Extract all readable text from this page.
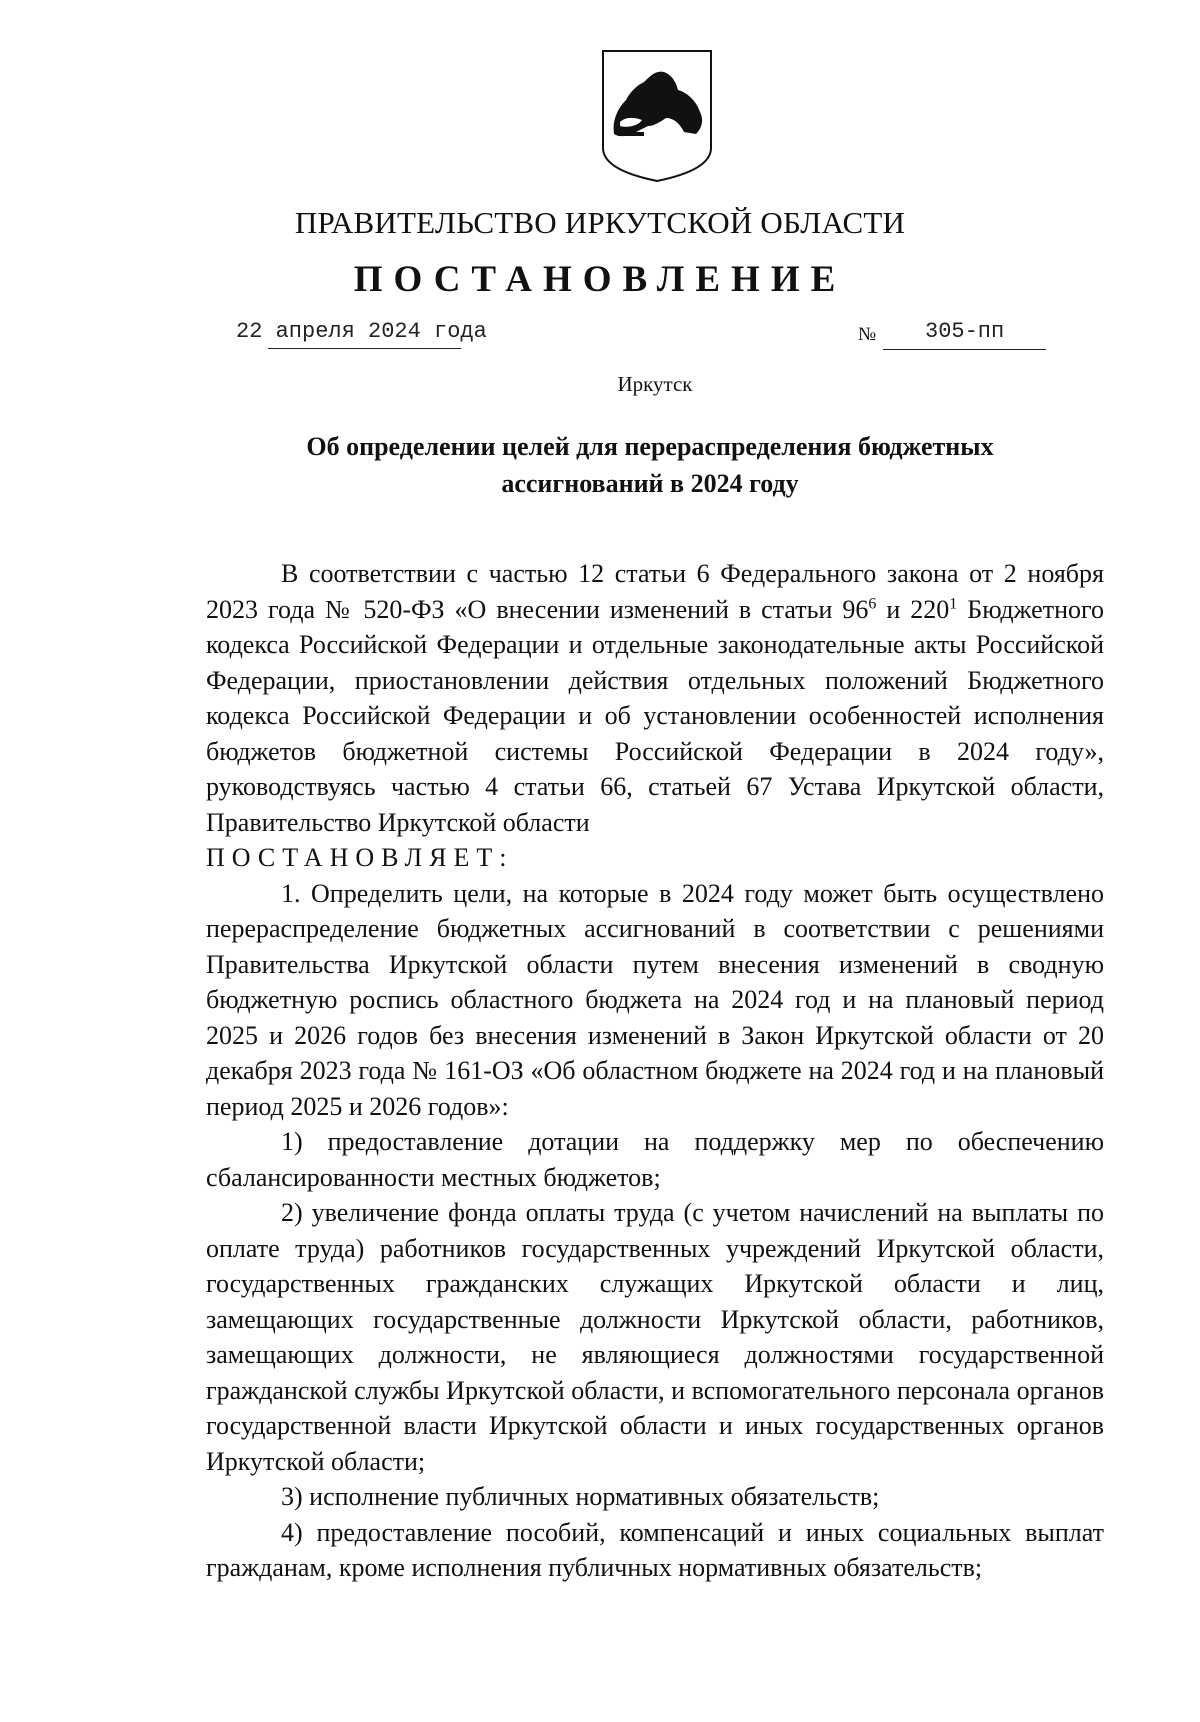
ПРАВИТЕЛЬСТВО ИРКУТСКОЙ ОБЛАСТИ
ПОСТАНОВЛЕНИЕ
22 апреля 2024 года	№ 305-пп
Иркутск
Об определении целей для перераспределения бюджетных
ассигнований в 2024 году

В соответствии с частью 12 статьи 6 Федерального закона от 2 ноября 2023 года № 520-ФЗ «О внесении изменений в статьи $96^6$ и $220^1$ Бюджетного кодекса Российской Федерации и отдельные законодательные акты Российской Федерации, приостановлении действия отдельных положений Бюджетного кодекса Российской Федерации и об установлении особенностей исполнения бюджетов бюджетной системы Российской Федерации в 2024 году», руководствуясь частью 4 статьи 66, статьей 67 Устава Иркутской области, Правительство Иркутской области

ПОСТАНОВЛЯЕТ:

1. Определить цели, на которые в 2024 году может быть осуществлено перераспределение бюджетных ассигнований в соответствии с решениями Правительства Иркутской области путем внесения изменений в сводную бюджетную роспись областного бюджета на 2024 год и на плановый период 2025 и 2026 годов без внесения изменений в Закон Иркутской области от 20 декабря 2023 года № 161-ОЗ «Об областном бюджете на 2024 год и на плановый период 2025 и 2026 годов»:

1) предоставление дотации на поддержку мер по обеспечению сбалансированности местных бюджетов;

2) увеличение фонда оплаты труда (с учетом начислений на выплаты по оплате труда) работников государственных учреждений Иркутской области, государственных гражданских служащих Иркутской области и лиц, замещающих государственные должности Иркутской области, работников, замещающих должности, не являющиеся должностями государственной гражданской службы Иркутской области, и вспомогательного персонала органов государственной власти Иркутской области и иных государственных органов Иркутской области;

3) исполнение публичных нормативных обязательств;

4) предоставление пособий, компенсаций и иных социальных выплат гражданам, кроме исполнения публичных нормативных обязательств;
